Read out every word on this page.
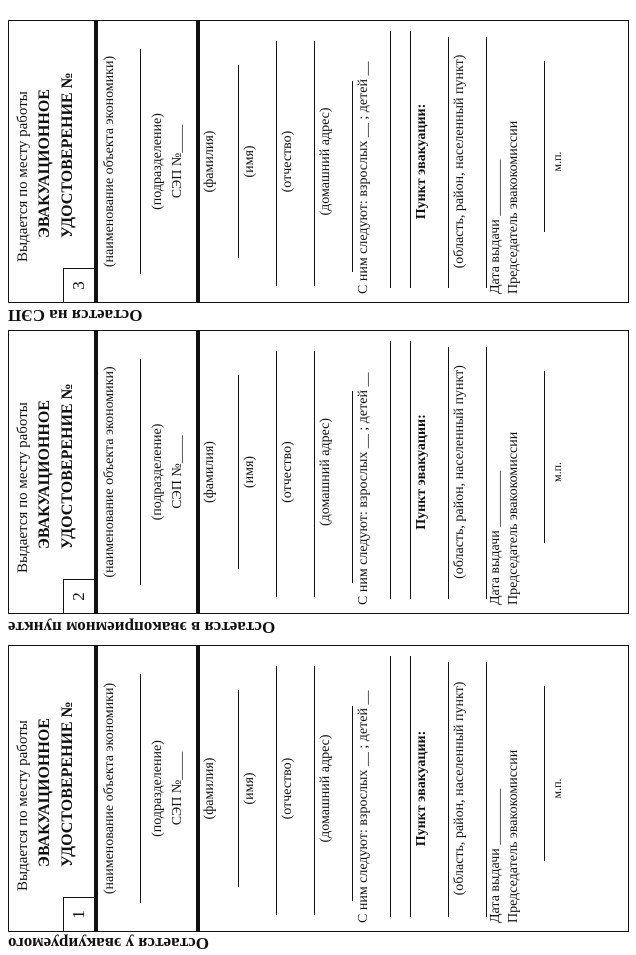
3
Выдается по месту работы ЭВАКУАЦИОННОЕ УДОСТОВЕРЕНИЕ № (наименование объекта экономики) (подразделение) СЭП №____ (фамилия) (имя) (отчество) (домашний адрес) С ним следуют: взрослых __ ; детей __	Пункт эвакуации: (область, район, населенный пункт) Дата выдачи ________ Председатель эвакокомиссии м.п.
Остается на СЭП
2
Выдается по месту работы ЭВАКУАЦИОННОЕ УДОСТОВЕРЕНИЕ № (наименование объекта экономики) (подразделение) СЭП №____ (фамилия) (имя) (отчество) (домашний адрес) С ним следуют: взрослых __ ; детей __	Пункт эвакуации: (область, район, населенный пункт) Дата выдачи ________ Председатель эвакокомиссии м.п.
Остается в эвакоприемном пункте
1
Выдается по месту работы ЭВАКУАЦИОННОЕ УДОСТОВЕРЕНИЕ № (наименование объекта экономики) (подразделение) СЭП №____ (фамилия) (имя) (отчество) (домашний адрес) С ним следуют: взрослых __ ; детей __	Пункт эвакуации: (область, район, населенный пункт) Дата выдачи ________ Председатель эвакокомиссии м.п.
Остается у эвакуируемого
